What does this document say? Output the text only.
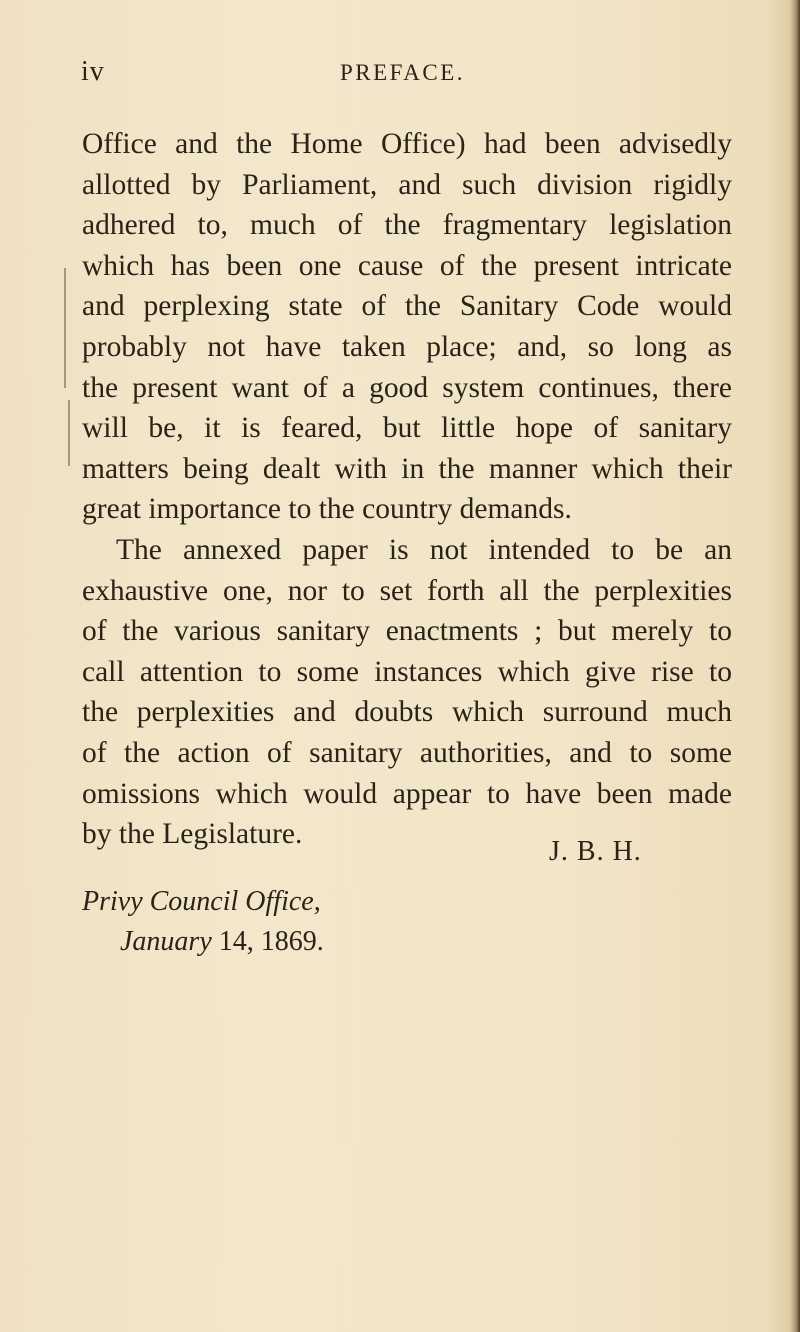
iv	PREFACE.
Office and the Home Office) had been advisedly
allotted by Parliament, and such division rigidly
adhered to, much of the fragmentary legislation
which has been one cause of the present intricate
and perplexing state of the Sanitary Code would
probably not have taken place; and, so long as
the present want of a good system continues, there
will be, it is feared, but little hope of sanitary
matters being dealt with in the manner which their
great importance to the country demands.
The annexed paper is not intended to be an
exhaustive one, nor to set forth all the perplexities
of the various sanitary enactments ; but merely to
call attention to some instances which give rise to
the perplexities and doubts which surround much
of the action of sanitary authorities, and to some
omissions which would appear to have been made
by the Legislature.
J. B. H.
Privy Council Office,
January 14, 1869.
